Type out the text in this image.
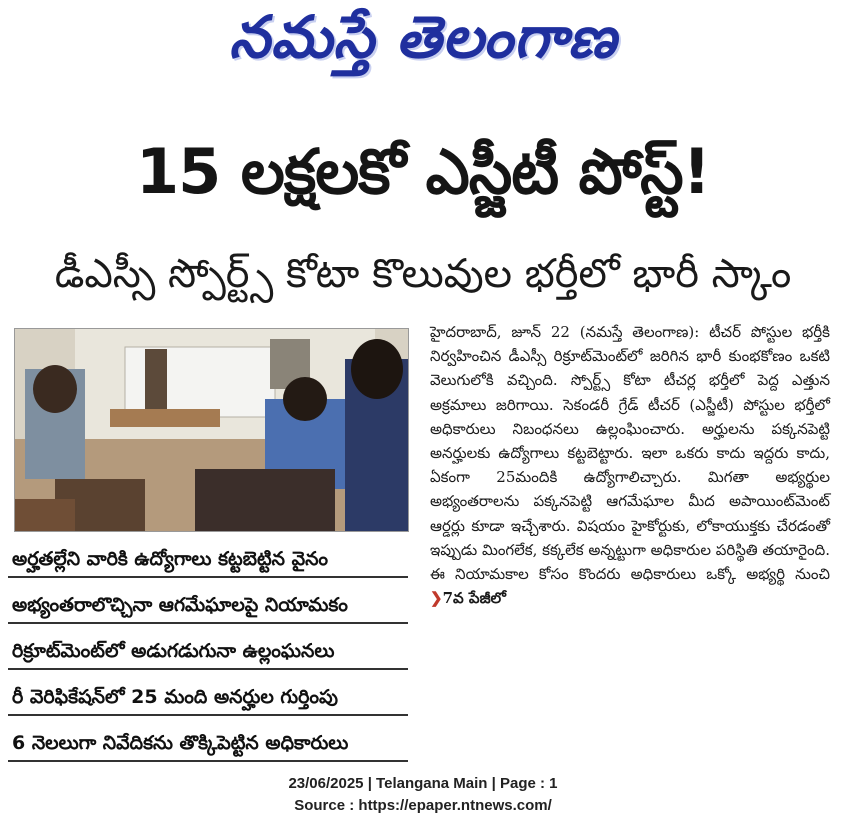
నమస్తే తెలంగాణ
15 లక్షలకో ఎస్జీటీ పోస్ట్!
డీఎస్సీ స్పోర్ట్స్ కోటా కొలువుల భర్తీలో భారీ స్కాం
అర్హతల్లేని వారికి ఉద్యోగాలు కట్టబెట్టిన వైనం
అభ్యంతరాలొచ్చినా ఆగమేఘాలపై నియామకం
రిక్రూట్‌మెంట్‌లో అడుగడుగునా ఉల్లంఘనలు
రీ వెరిఫికేషన్‌లో 25 మంది అనర్హుల గుర్తింపు
6 నెలలుగా నివేదికను తొక్కిపెట్టిన అధికారులు
హైదరాబాద్, జూన్ 22 (నమస్తే తెలంగాణ): టీచర్ పోస్టుల భర్తీకి నిర్వహించిన డీఎస్సీ రిక్రూట్‌మెంట్‌లో జరిగిన భారీ కుంభకోణం ఒకటి వెలుగులోకి వచ్చింది. స్పోర్ట్స్ కోటా టీచర్ల భర్తీలో పెద్ద ఎత్తున అక్రమాలు జరిగాయి. సెకండరీ గ్రేడ్ టీచర్ (ఎస్జీటీ) పోస్టుల భర్తీలో అధికారులు నిబంధనలు ఉల్లంఘించారు. అర్హులను పక్కనపెట్టి అనర్హులకు ఉద్యోగాలు కట్టబెట్టారు. ఇలా ఒకరు కాదు ఇద్దరు కాదు, ఏకంగా 25మందికి ఉద్యోగాలిచ్చారు. మిగతా అభ్యర్థుల అభ్యంతరాలను పక్కనపెట్టి ఆగమేఘాల మీద అపాయింట్‌మెంట్ ఆర్డర్లు కూడా ఇచ్చేశారు. విషయం హైకోర్టుకు, లోకాయుక్తకు చేరడంతో ఇప్పుడు మింగలేక, కక్కలేక అన్నట్టుగా అధికారుల పరిస్థితి తయారైంది. ఈ నియామకాల కోసం కొందరు అధికారులు ఒక్కో అభ్యర్థి నుంచి ❯7వ పేజీలో
23/06/2025 | Telangana Main | Page : 1
Source : https://epaper.ntnews.com/
